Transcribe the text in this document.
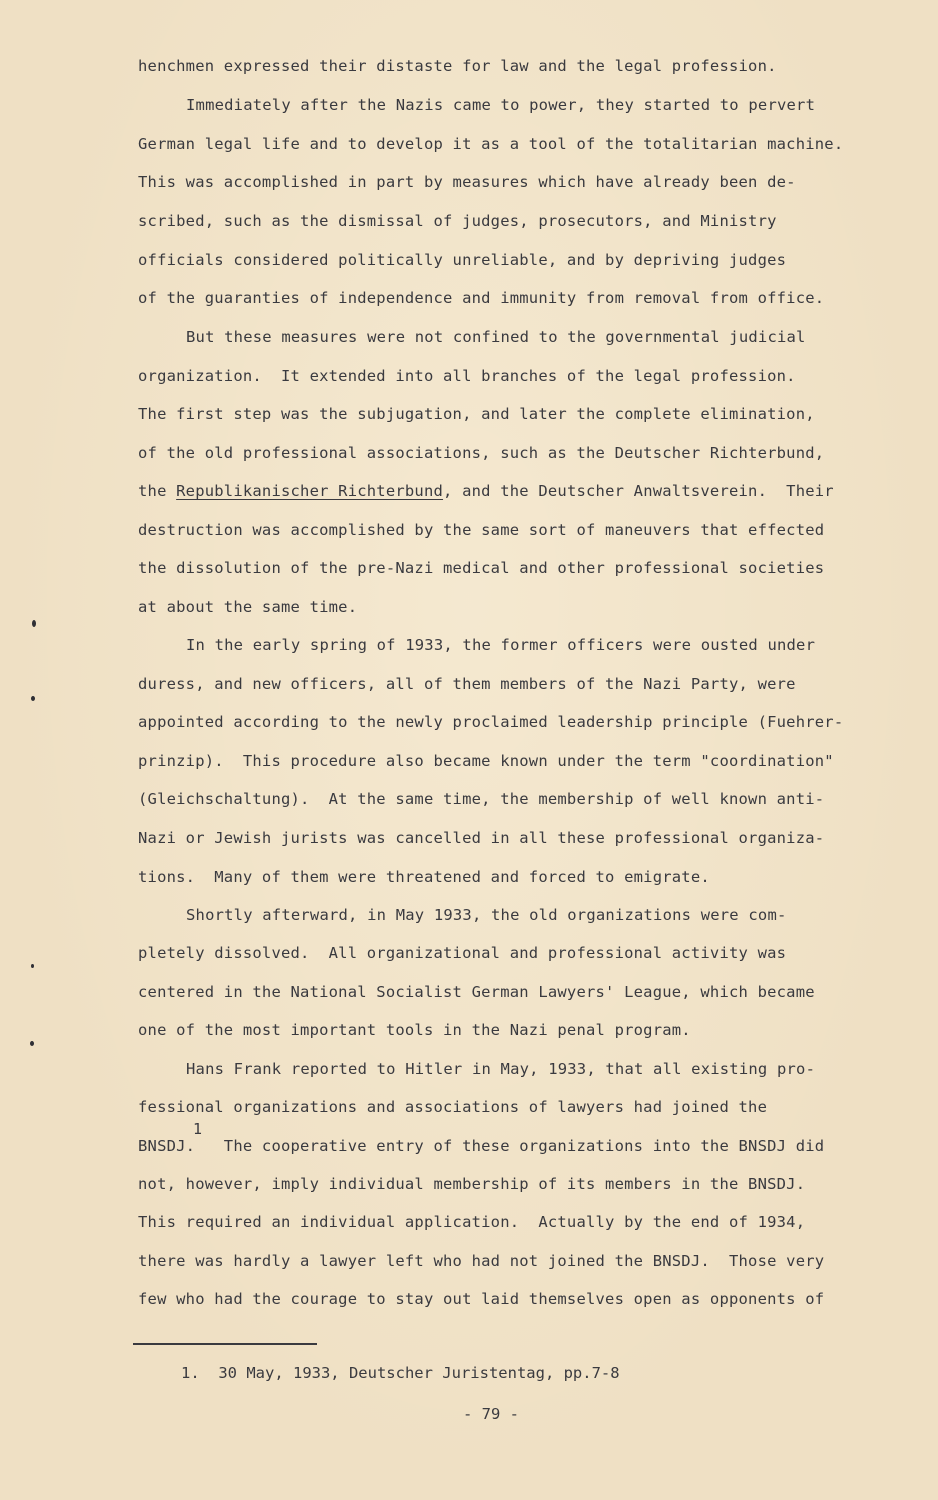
henchmen expressed their distaste for law and the legal profession.
Immediately after the Nazis came to power, they started to pervert
German legal life and to develop it as a tool of the totalitarian machine.
This was accomplished in part by measures which have already been de-
scribed, such as the dismissal of judges, prosecutors, and Ministry
officials considered politically unreliable, and by depriving judges
of the guaranties of independence and immunity from removal from office.
But these measures were not confined to the governmental judicial
organization.  It extended into all branches of the legal profession.
The first step was the subjugation, and later the complete elimination,
of the old professional associations, such as the Deutscher Richterbund,
the Republikanischer Richterbund, and the Deutscher Anwaltsverein.  Their
destruction was accomplished by the same sort of maneuvers that effected
the dissolution of the pre-Nazi medical and other professional societies
at about the same time.
In the early spring of 1933, the former officers were ousted under
duress, and new officers, all of them members of the Nazi Party, were
appointed according to the newly proclaimed leadership principle (Fuehrer-
prinzip).  This procedure also became known under the term "coordination"
(Gleichschaltung).  At the same time, the membership of well known anti-
Nazi or Jewish jurists was cancelled in all these professional organiza-
tions.  Many of them were threatened and forced to emigrate.
Shortly afterward, in May 1933, the old organizations were com-
pletely dissolved.  All organizational and professional activity was
centered in the National Socialist German Lawyers' League, which became
one of the most important tools in the Nazi penal program.
Hans Frank reported to Hitler in May, 1933, that all existing pro-
fessional organizations and associations of lawyers had joined the
1
BNSDJ.   The cooperative entry of these organizations into the BNSDJ did
not, however, imply individual membership of its members in the BNSDJ.
This required an individual application.  Actually by the end of 1934,
there was hardly a lawyer left who had not joined the BNSDJ.  Those very
few who had the courage to stay out laid themselves open as opponents of
1.  30 May, 1933, Deutscher Juristentag, pp.7-8
- 79 -
